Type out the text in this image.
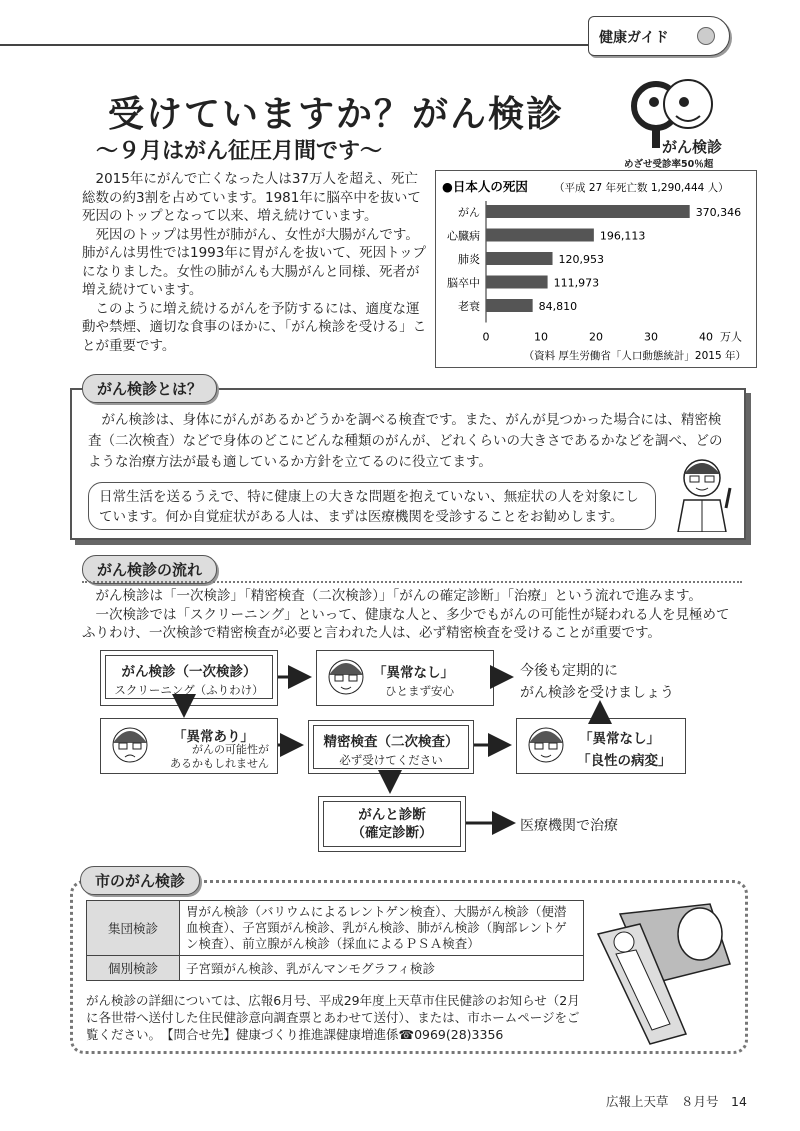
健康ガイド
受けていますか？がん検診
～９月はがん征圧月間です～	がん検診
めざせ受診率50％超
2015年にがんで亡くなった人は37万人を超え、死亡総数の約3割を占めています。1981年に脳卒中を抜いて死因のトップとなって以来、増え続けています。
死因のトップは男性が肺がん、女性が大腸がんです。肺がんは男性では1993年に胃がんを抜いて、死因トップになりました。女性の肺がんも大腸がんと同様、死者が増え続けています。
このように増え続けるがんを予防するには、適度な運動や禁煙、適切な食事のほかに、「がん検診を受ける」ことが重要です。
●日本人の死因 （平成 27 年死亡数 1,290,444 人）
がん	370,346
心臓病	196,113
肺炎	120,953
脳卒中	111,973
老衰	84,810
0	10	20	30	40 万人
（資料 厚生労働省「人口動態統計」2015 年）
がん検診は、身体にがんがあるかどうかを調べる検査です。また、がんが見つかった場合には、精密検査（二次検査）などで身体のどこにどんな種類のがんが、どれくらいの大きさであるかなどを調べ、どのような治療方法が最も適しているか方針を立てるのに役立てます。
日常生活を送るうえで、特に健康上の大きな問題を抱えていない、無症状の人を対象にしています。何か自覚症状がある人は、まずは医療機関を受診することをお勧めします。
がん検診とは？
がん検診の流れ
がん検診は「一次検診」「精密検査（二次検診）」「がんの確定診断」「治療」という流れで進みます。
一次検診では「スクリーニング」といって、健康な人と、多少でもがんの可能性が疑われる人を見極めてふりわけ、一次検診で精密検査が必要と言われた人は、必ず精密検査を受けることが重要です。
がん検診（一次検診）
スクリーニング（ふりわけ）
「異常なし」
ひとまず安心
今後も定期的に
がん検診を受けましょう
「異常あり」
がんの可能性が
あるかもしれません
精密検査（二次検査）
必ず受けてください
「異常なし」
「良性の病変」
がんと診断
（確定診断）	医療機関で治療
市のがん検診
集団検診	胃がん検診（バリウムによるレントゲン検査）、大腸がん検診（便潜血検査）、子宮頸がん検診、乳がん検診、肺がん検診（胸部レントゲン検査）、前立腺がん検診（採血によるＰＳＡ検査）
個別検診	子宮頸がん検診、乳がんマンモグラフィ検診
がん検診の詳細については、広報6月号、平成29年度上天草市住民健診のお知らせ（2月に各世帯へ送付した住民健診意向調査票とあわせて送付）、または、市ホームページをご覧ください。　【問合せ先】健康づくり推進課健康増進係☎0969(28)3356
広報上天草　８月号　14
